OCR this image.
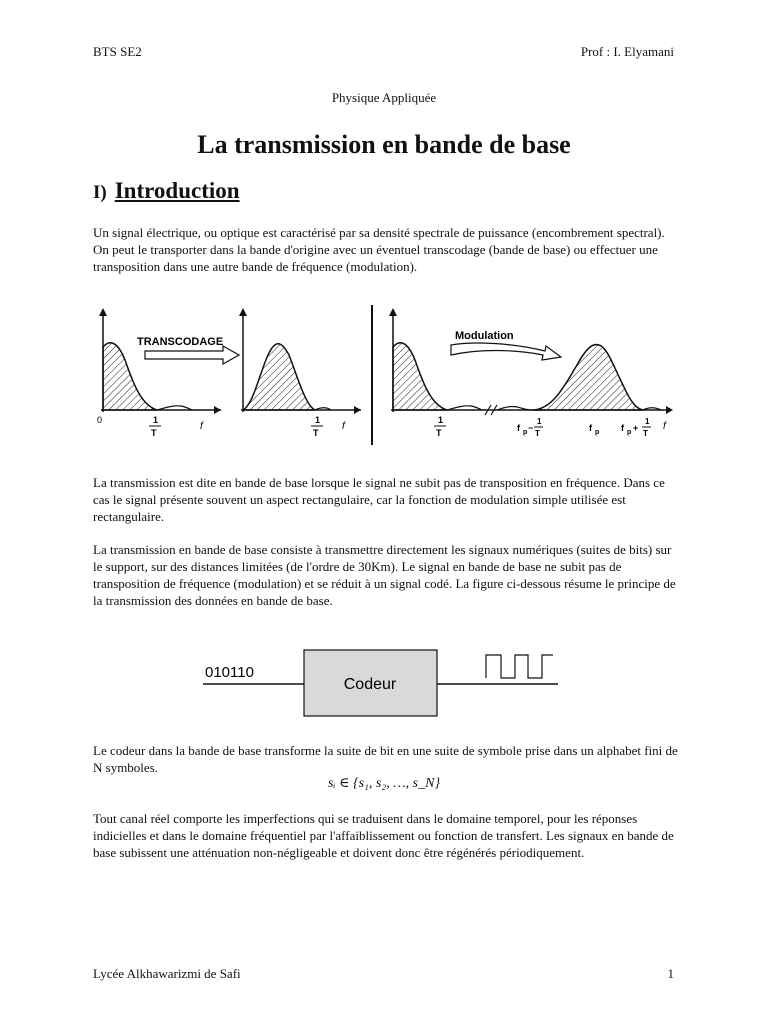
BTS SE2	Prof : I. Elyamani
Physique Appliquée
La transmission en bande de base
I) Introduction
Un signal électrique, ou optique est caractérisé par sa densité spectrale de puissance (encombrement spectral). On peut le transporter dans la bande d'origine avec un éventuel transcodage (bande de base) ou effectuer une transposition dans une autre bande de fréquence (modulation).
0	1
T
f
TRANSCODAGE
1
T
f
Modulation
1
T	f p −
1
T
f p f p +
1
T
f
La transmission est dite en bande de base lorsque le signal ne subit pas de transposition en fréquence. Dans ce cas le signal présente souvent un aspect rectangulaire, car la fonction de modulation simple utilisée est rectangulaire.
La transmission en bande de base consiste à transmettre directement les signaux numériques (suites de bits) sur le support, sur des distances limitées (de l'ordre de 30Km). Le signal en bande de base ne subit pas de transposition de fréquence (modulation) et se réduit à un signal codé. La figure ci-dessous résume le principe de la transmission des données en bande de base.
010110
Codeur
Le codeur dans la bande de base transforme la suite de bit en une suite de symbole prise dans un alphabet fini de N symboles.
sᵢ ∈ {s₁, s₂, …, s_N}
Tout canal réel comporte les imperfections qui se traduisent dans le domaine temporel, pour les réponses indicielles et dans le domaine fréquentiel par l'affaiblissement ou fonction de transfert. Les signaux en bande de base subissent une atténuation non-négligeable et doivent donc être régénérés périodiquement.
Lycée Alkhawarizmi de Safi	1
